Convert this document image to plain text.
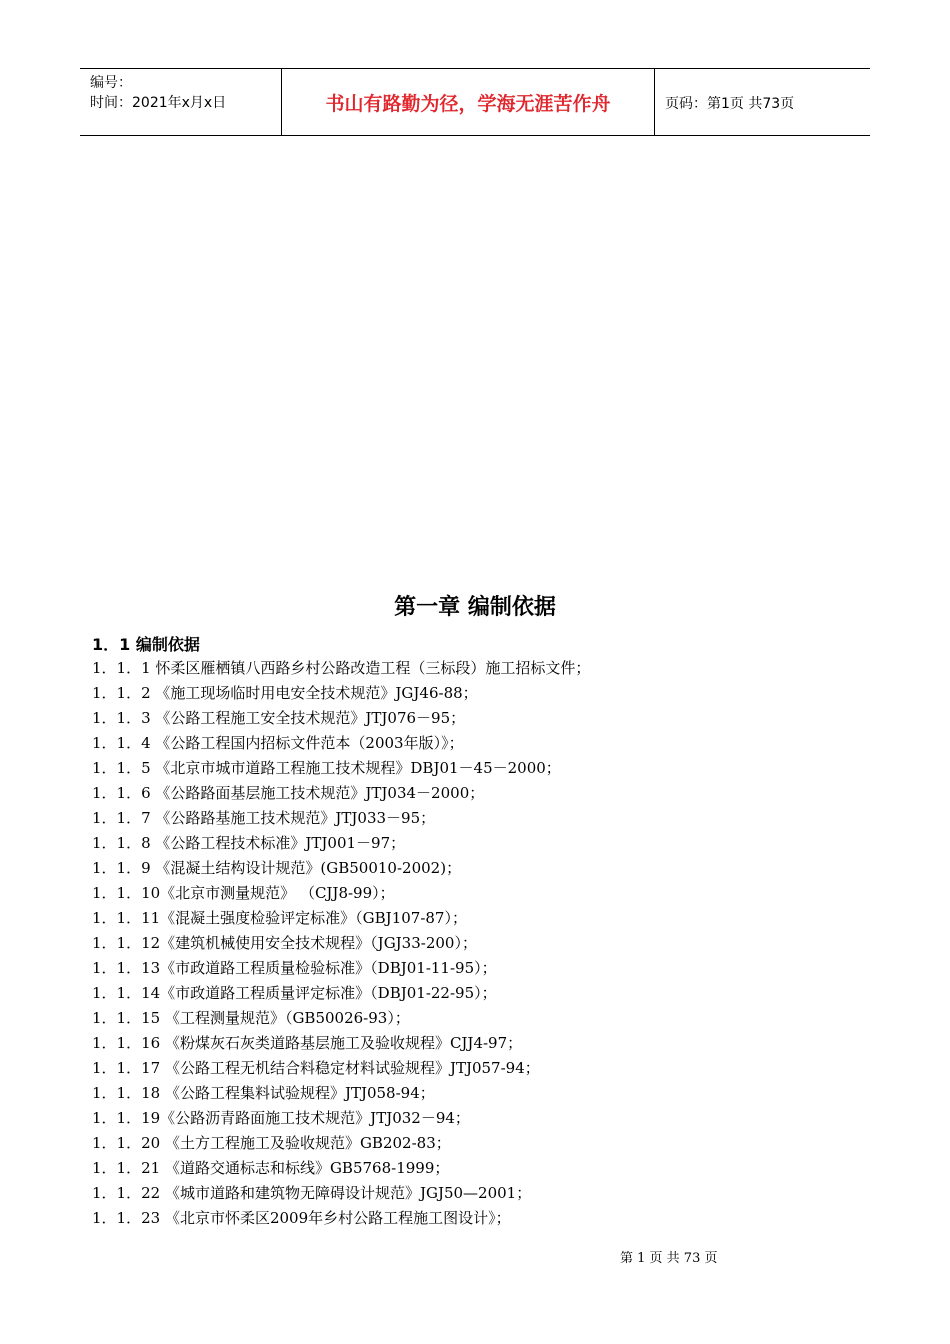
编号：
时间：2021年x月x日	书山有路勤为径，学海无涯苦作舟	页码：第1页 共73页
第一章 编制依据
1．1 编制依据
1．1．1 怀柔区雁栖镇八西路乡村公路改造工程（三标段）施工招标文件；
1．1．2 《施工现场临时用电安全技术规范》JGJ46-88；
1．1．3 《公路工程施工安全技术规范》JTJ076－95；
1．1．4 《公路工程国内招标文件范本（2003年版）》；
1．1．5 《北京市城市道路工程施工技术规程》DBJ01－45－2000；
1．1．6 《公路路面基层施工技术规范》JTJ034－2000；
1．1．7 《公路路基施工技术规范》JTJ033－95；
1．1．8 《公路工程技术标准》JTJ001－97；
1．1．9 《混凝土结构设计规范》(GB50010-2002)；
1．1．10《北京市测量规范》 （CJJ8-99）；
1．1．11《混凝土强度检验评定标准》（GBJ107-87）；
1．1．12《建筑机械使用安全技术规程》（JGJ33-200）；
1．1．13《市政道路工程质量检验标准》（DBJ01-11-95）；
1．1．14《市政道路工程质量评定标准》（DBJ01-22-95）；
1．1．15 《工程测量规范》（GB50026-93）；
1．1．16 《粉煤灰石灰类道路基层施工及验收规程》CJJ4-97；
1．1．17 《公路工程无机结合料稳定材料试验规程》JTJ057-94；
1．1．18 《公路工程集料试验规程》JTJ058-94；
1．1．19《公路沥青路面施工技术规范》JTJ032－94；
1．1．20 《土方工程施工及验收规范》GB202-83；
1．1．21 《道路交通标志和标线》GB5768-1999；
1．1．22 《城市道路和建筑物无障碍设计规范》JGJ50—2001；
1．1．23 《北京市怀柔区2009年乡村公路工程施工图设计》；
第 1 页 共 73 页
